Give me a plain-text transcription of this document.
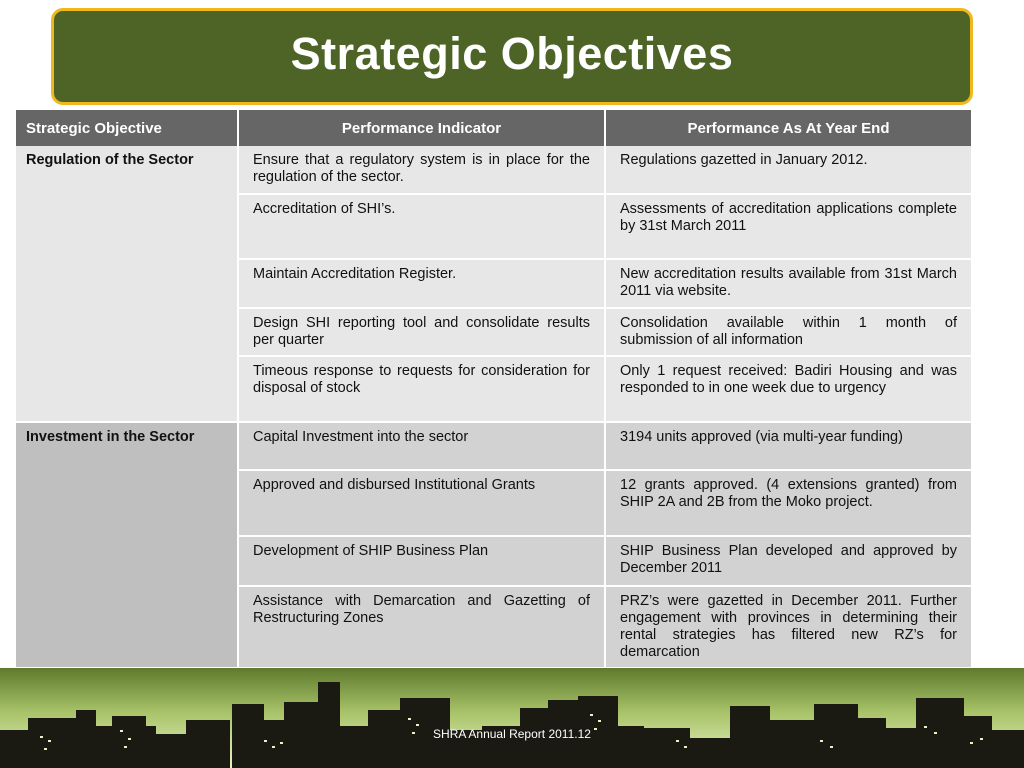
Strategic Objectives
Strategic Objective	Performance Indicator	Performance As At Year End
Regulation of the Sector	Ensure that a regulatory system is in place for the regulation of the sector.	Regulations gazetted in January 2012.
	Accreditation of SHI’s.	Assessments of accreditation applications complete by 31st March 2011
	Maintain Accreditation Register.	New accreditation results available from 31st March 2011 via website.
	Design SHI reporting tool and consolidate results per quarter	Consolidation available within 1 month of submission of all information
	Timeous response to requests for consideration for disposal of stock	Only 1 request received: Badiri Housing and was responded to in one week due to urgency
Investment in the Sector	Capital Investment into the sector	3194 units approved (via multi-year funding)
	Approved and disbursed Institutional Grants	12 grants approved. (4 extensions granted) from SHIP 2A and 2B from the Moko project.
	Development of SHIP Business Plan	SHIP Business Plan developed and approved by December 2011
	Assistance with Demarcation and Gazetting of Restructuring Zones	PRZ’s were gazetted in December 2011. Further engagement with provinces in determining their rental strategies has filtered new RZ’s for demarcation
SHRA Annual Report 2011.12
